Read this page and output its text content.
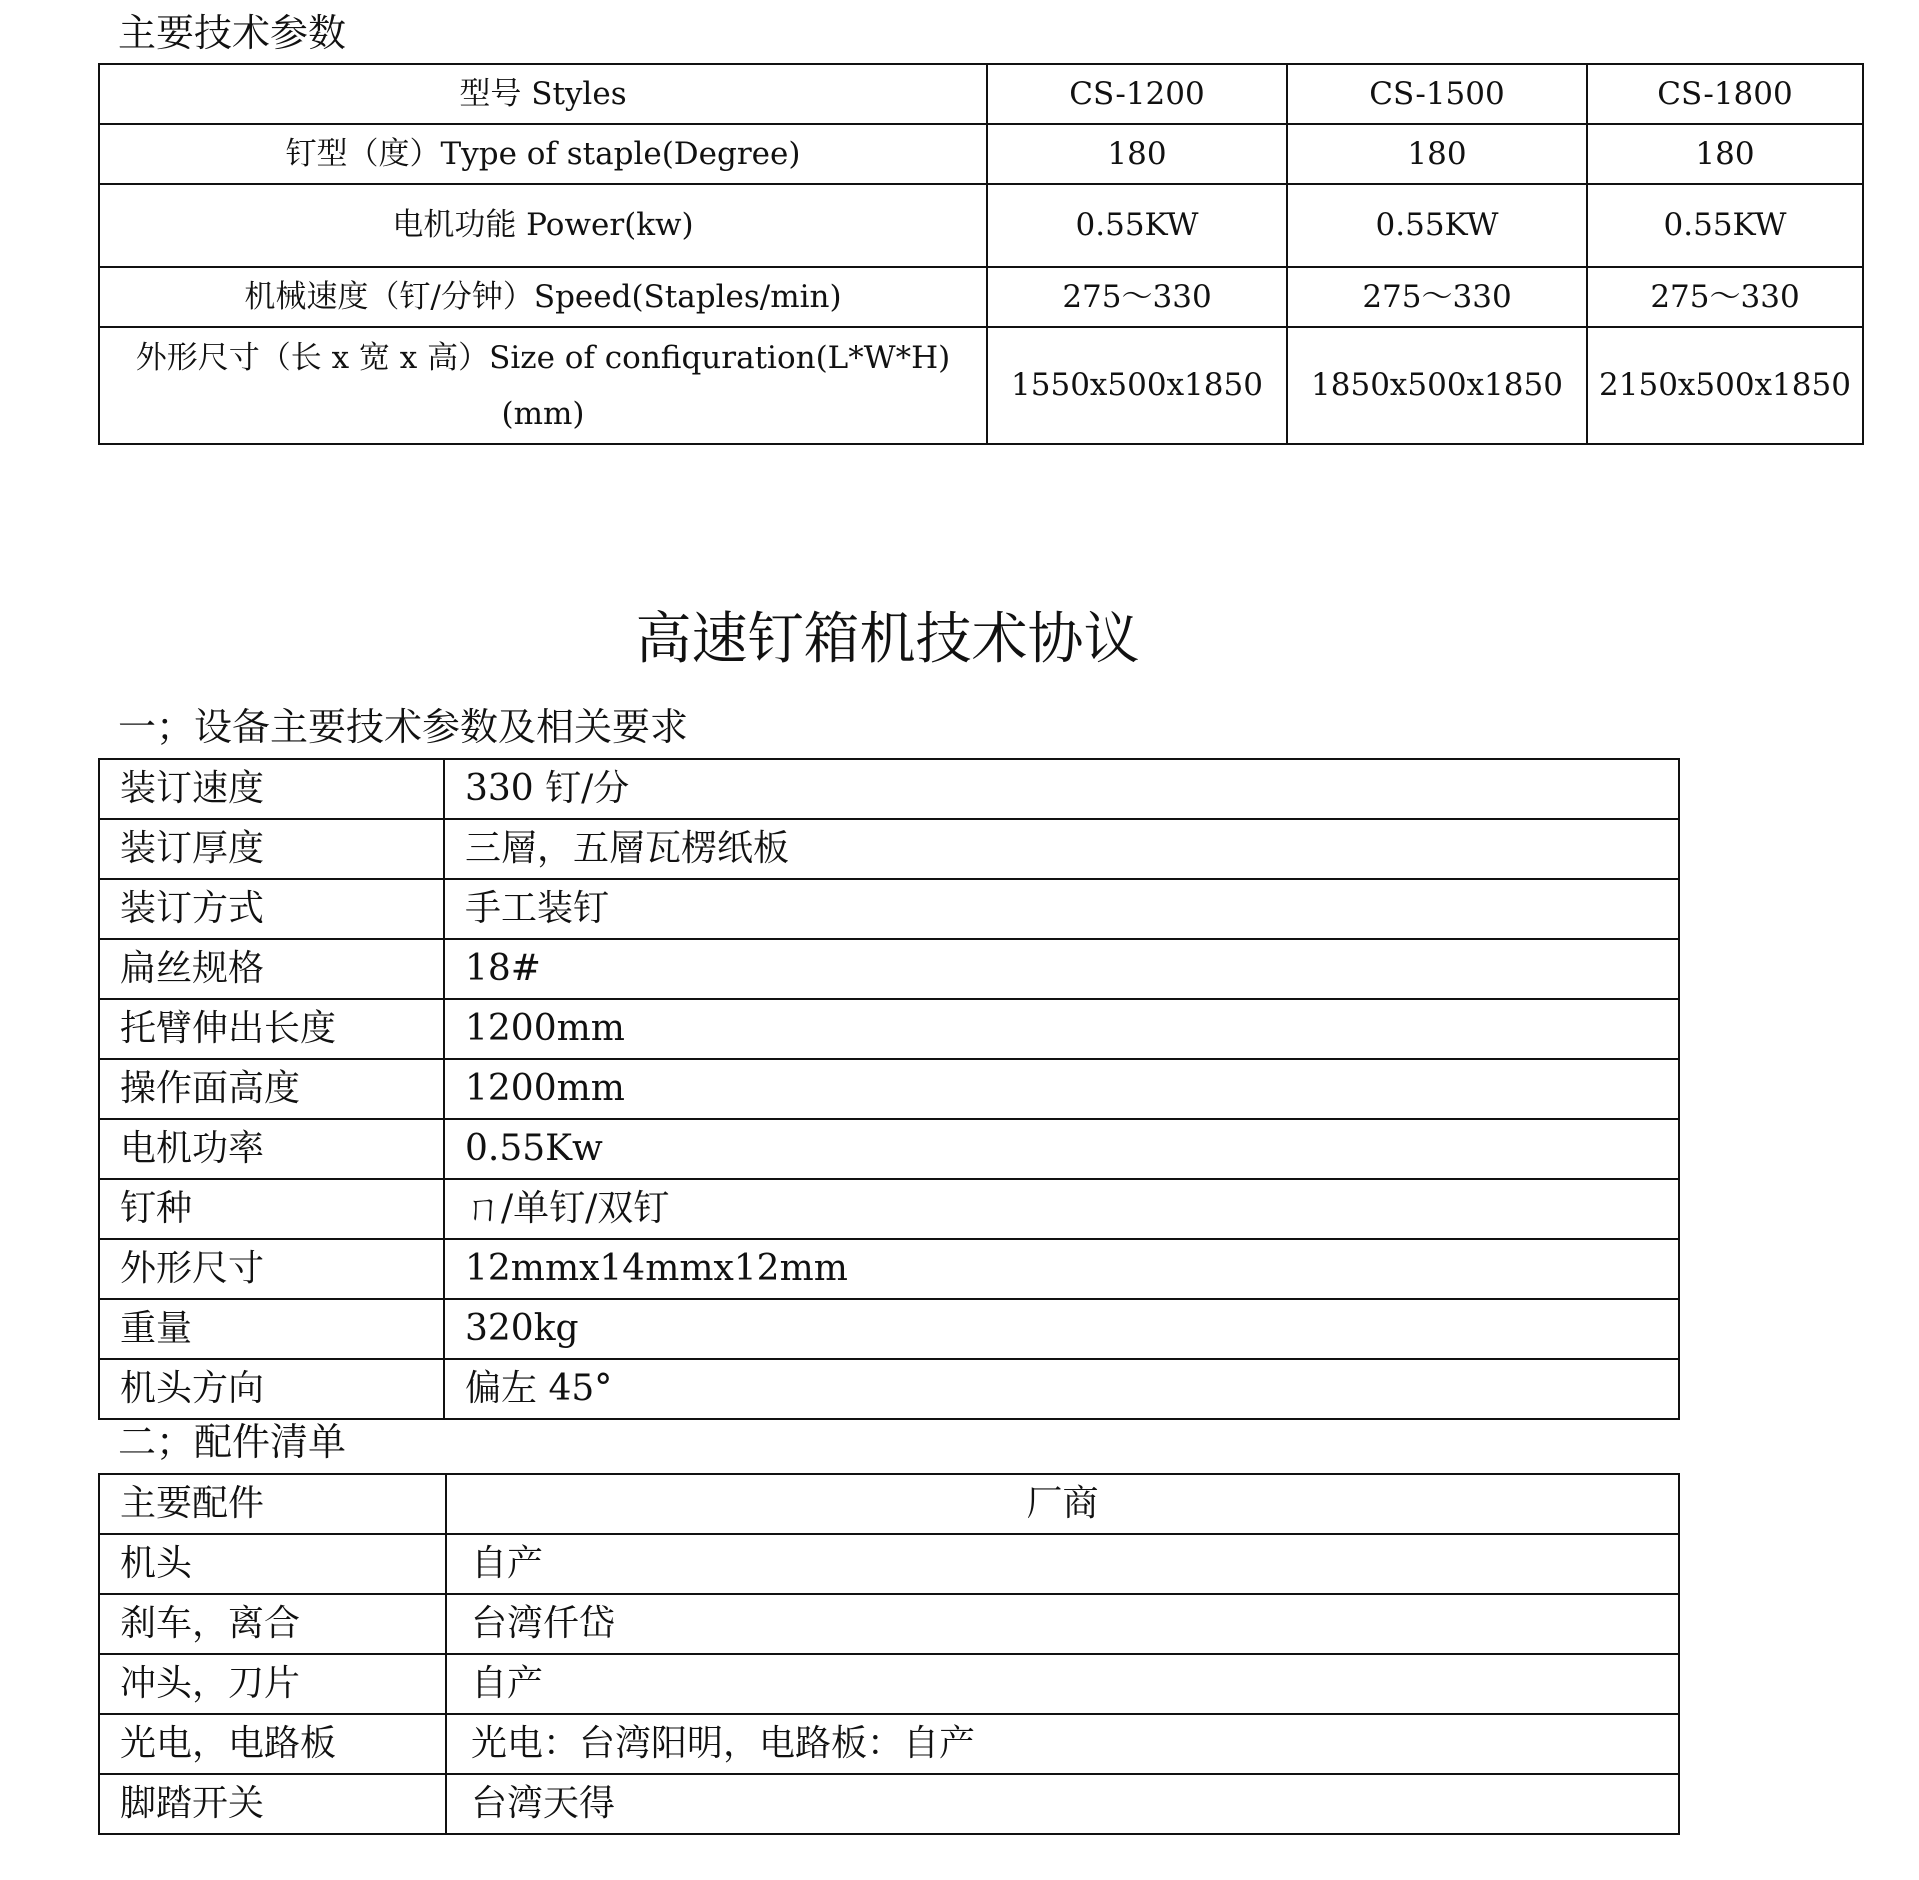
主要技术参数
型号 Styles	CS-1200	CS-1500	CS-1800
钉型（度）Type of staple(Degree)	180	180	180
电机功能 Power(kw)	0.55KW	0.55KW	0.55KW
机械速度（钉/分钟）Speed(Staples/min)	275～330	275～330	275～330

外形尺寸（长 x 宽 x 高）Size of confiquration(L*W*H)
(mm)	1550x500x1850	1850x500x1850	2150x500x1850
高速钉箱机技术协议
一；设备主要技术参数及相关要求
装订速度	330 钉/分
装订厚度	三層，五層瓦楞纸板
装订方式	手工装钉
扁丝规格	18#
托臂伸出长度	1200mm
操作面高度	1200mm
电机功率	0.55Kw
钉种	ㄇ/单钉/双钉
外形尺寸	12mmx14mmx12mm
重量	320kg
机头方向	偏左 45°
二；配件清单
主要配件	厂商
机头	自产
刹车，离合	台湾仟岱
冲头，刀片	自产
光电，电路板	光电：台湾阳明，电路板：自产
脚踏开关	台湾天得
